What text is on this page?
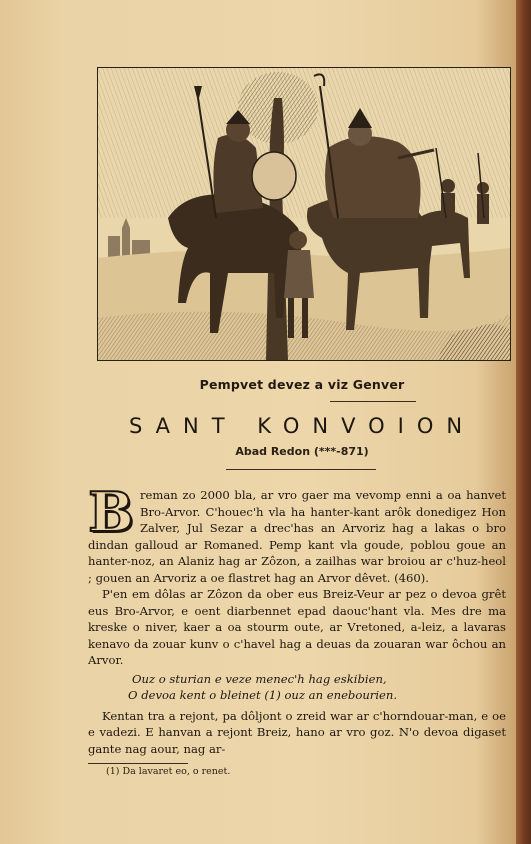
Pempvet devez a viz Genver
SANT KONVOION
Abad Redon (***-871)
B reman zo 2000 bla, ar vro gaer ma vevomp enni a oa hanvet Bro-Arvor. C'houec'h vla ha hanter-kant arôk donedigez Hon Zalver, Jul Sezar a drec'has an Arvoriz hag a lakas o bro dindan galloud ar Romaned. Pemp kant vla goude, poblou goue an hanter-noz, an Alaniz hag ar Zôzon, a zailhas war broiou ar c'huz-heol ; gouen an Arvoriz a oe flastret hag an Arvor dêvet. (460).

P'en em dôlas ar Zôzon da ober eus Breiz-Veur ar pez o devoa grêt eus Bro-Arvor, e oent diarbennet epad daouc'hant vla. Mes dre ma kreske o niver, kaer a oa stourm oute, ar Vretoned, a-leiz, a lavaras kenavo da zouar kunv o c'havel hag a deuas da zouaran war ôchou an Arvor.

Ouz o sturian e veze menec'h hag eskibien,
O devoa kent o bleinet (1) ouz an enebourien.

Kentan tra a rejont, pa dôljont o zreid war ar c'horndouar-man, e oe e vadezi. E hanvan a rejont Breiz, hano ar vro goz. N'o devoa digaset gante nag aour, nag ar-

(1) Da lavaret eo, o renet.
